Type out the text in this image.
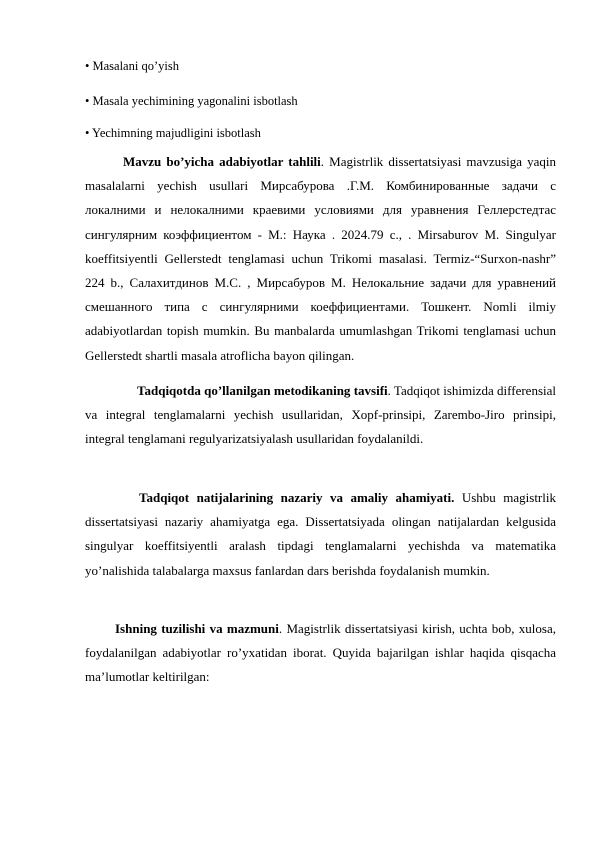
• Masalani qo’yish
• Masala yechimining yagonalini isbotlash
• Yechimning majudligini isbotlash

Mavzu bo’yicha adabiyotlar tahlili. Magistrlik dissertatsiyasi mavzusiga yaqin masalalarni yechish usullari Мирсабурова .Г.М. Комбинированные задачи с локалними и нелокалними краевими условиями для уравнения Геллерстедтас сингулярним коэффициентом - М.: Наука . 2024.79 с., . Mirsaburov M. Singulyar koeffitsiyentli Gellerstedt tenglamasi uchun Trikomi masalasi. Termiz-“Surxon-nashr” 224 b., Салахитдинов М.С. , Мирсабуров М. Нелокальние задачи для уравнений смешанного типа с сингулярними коеффициентами. Тошкент. Nomli ilmiy adabiyotlardan topish mumkin. Bu manbalarda umumlashgan Trikomi tenglamasi uchun Gellerstedt shartli masala atroflicha bayon qilingan.

Tadqiqotda qo’llanilgan metodikaning tavsifi. Tadqiqot ishimizda differensial va integral tenglamalarni yechish usullaridan, Xopf-prinsipi, Zarembo-Jiro prinsipi, integral tenglamani regulyarizatsiyalash usullaridan foydalanildi.

Tadqiqot natijalarining nazariy va amaliy ahamiyati. Ushbu magistrlik dissertatsiyasi nazariy ahamiyatga ega. Dissertatsiyada olingan natijalardan kelgusida singulyar koeffitsiyentli aralash tipdagi tenglamalarni yechishda va matematika yo’nalishida talabalarga maxsus fanlardan dars berishda foydalanish mumkin.

Ishning tuzilishi va mazmuni. Magistrlik dissertatsiyasi kirish, uchta bob, xulosa, foydalanilgan adabiyotlar ro’yxatidan iborat. Quyida bajarilgan ishlar haqida qisqacha ma’lumotlar keltirilgan:
